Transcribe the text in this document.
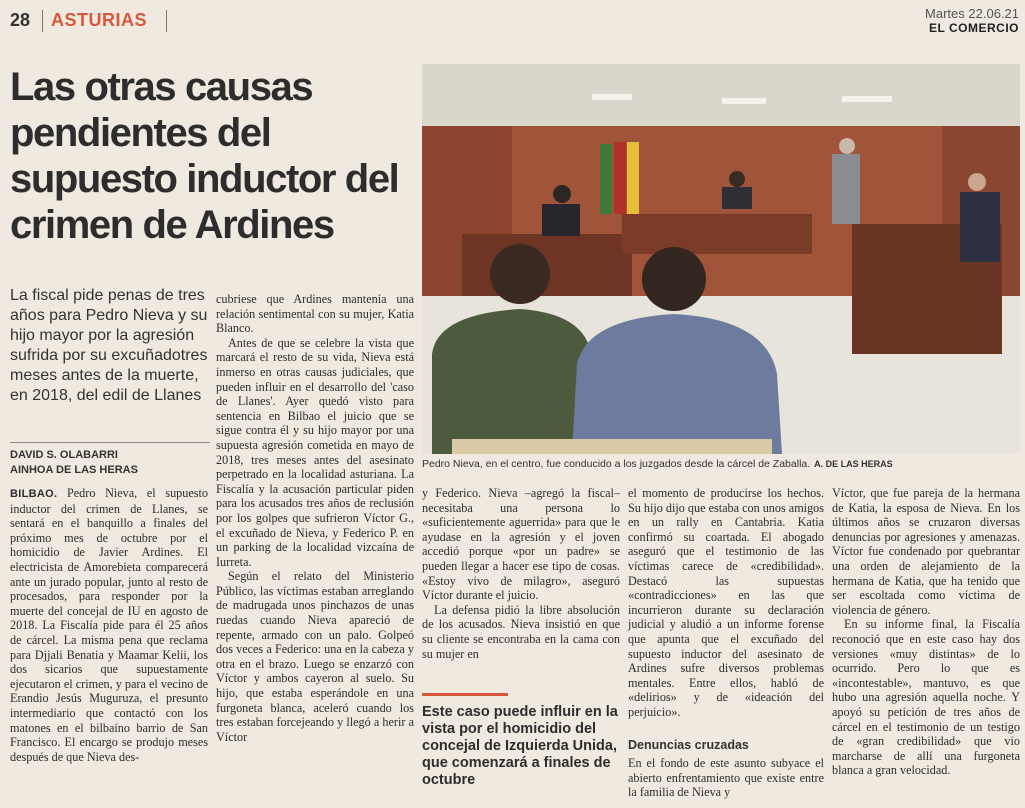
28 ASTURIAS	Martes 22.06.21
EL COMERCIO
Las otras causas pendientes del supuesto inductor del crimen de Ardines
Pedro Nieva, en el centro, fue conducido a los juzgados desde la cárcel de Zaballa. A. DE LAS HERAS

La fiscal pide penas de tres años para Pedro Nieva y su hijo mayor por la agresión sufrida por su excuñadotres meses antes de la muerte, en 2018, del edil de Llanes

DAVID S. OLABARRI
AINHOA DE LAS HERAS

BILBAO. Pedro Nieva, el supuesto inductor del crimen de Llanes, se sentará en el banquillo a finales del próximo mes de octubre por el homicidio de Javier Ardines. El electricista de Amorebieta comparecerá ante un jurado popular, junto al resto de procesados, para responder por la muerte del concejal de IU en agosto de 2018. La Fiscalía pide para él 25 años de cárcel. La misma pena que reclama para Djjali Benatia y Maamar Kelii, los dos sicarios que supuestamente ejecutaron el crimen, y para el vecino de Erandio Jesús Muguruza, el presunto intermediario que contactó con los matones en el bilbaíno barrio de San Francisco. El encargo se produjo meses después de que Nieva des-

cubriese que Ardines mantenía una relación sentimental con su mujer, Katia Blanco.

Antes de que se celebre la vista que marcará el resto de su vida, Nieva está inmerso en otras causas judiciales, que pueden influir en el desarrollo del 'caso de Llanes'. Ayer quedó visto para sentencia en Bilbao el juicio que se sigue contra él y su hijo mayor por una supuesta agresión cometida en mayo de 2018, tres meses antes del asesinato perpetrado en la localidad asturiana. La Fiscalía y la acusación particular piden para los acusados tres años de reclusión por los golpes que sufrieron Víctor G., el excuñado de Nieva, y Federico P. en un parking de la localidad vizcaína de Iurreta.

Según el relato del Ministerio Público, las víctimas estaban arreglando de madrugada unos pinchazos de unas ruedas cuando Nieva apareció de repente, armado con un palo. Golpeó dos veces a Federico: una en la cabeza y otra en el brazo. Luego se enzarzó con Víctor y ambos cayeron al suelo. Su hijo, que estaba esperándole en una furgoneta blanca, aceleró cuando los tres estaban forcejeando y llegó a herir a Víctor

y Federico. Nieva –agregó la fiscal– necesitaba una persona lo «suficientemente aguerrida» para que le ayudase en la agresión y el joven accedió porque «por un padre» se pueden llegar a hacer ese tipo de cosas. «Estoy vivo de milagro», aseguró Víctor durante el juicio.

La defensa pidió la libre absolución de los acusados. Nieva insistió en que su cliente se encontraba en la cama con su mujer en

Este caso puede influir en la vista por el homicidio del concejal de Izquierda Unida, que comenzará a finales de octubre

el momento de producirse los hechos. Su hijo dijo que estaba con unos amigos en un rally en Cantabria. Katia confirmó su coartada. El abogado aseguró que el testimonio de las víctimas carece de «credibilidad». Destacó las supuestas «contradicciones» en las que incurrieron durante su declaración judicial y aludió a un informe forense que apunta que el excuñado del supuesto inductor del asesinato de Ardines sufre diversos problemas mentales. Entre ellos, habló de «delirios» y de «ideación del perjuicio».

Denuncias cruzadas

En el fondo de este asunto subyace el abierto enfrentamiento que existe entre la familia de Nieva y

Víctor, que fue pareja de la hermana de Katia, la esposa de Nieva. En los últimos años se cruzaron diversas denuncias por agresiones y amenazas. Víctor fue condenado por quebrantar una orden de alejamiento de la hermana de Katia, que ha tenido que ser escoltada como víctima de violencia de género.

En su informe final, la Fiscalía reconoció que en este caso hay dos versiones «muy distintas» de lo ocurrido. Pero lo que es «incontestable», mantuvo, es que hubo una agresión aquella noche. Y apoyó su petición de tres años de cárcel en el testimonio de un testigo de «gran credibilidad» que vio marcharse de allí una furgoneta blanca a gran velocidad.
